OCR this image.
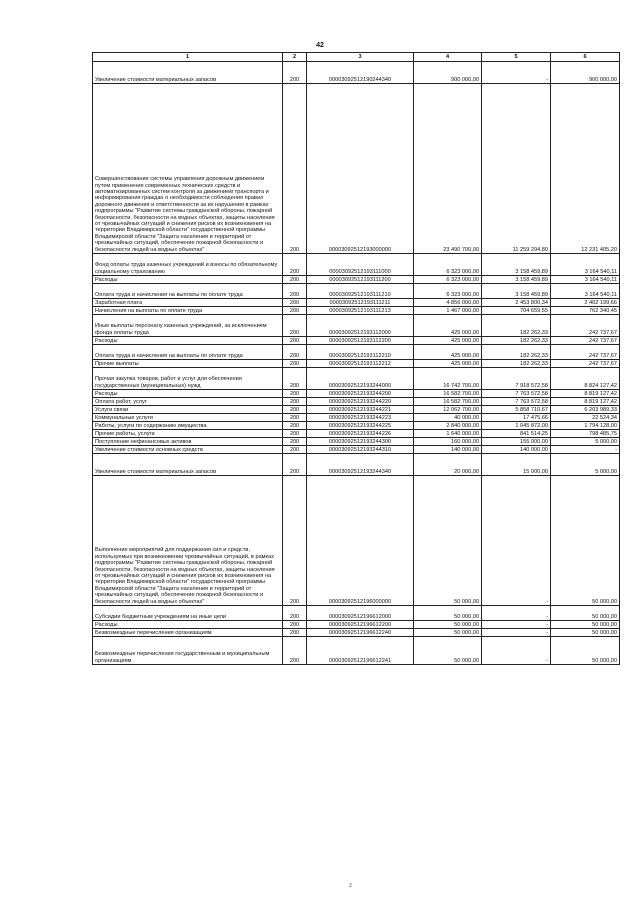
42
1	2	3	4	5	6
Увеличение стоимости материальных запасов	200	00003092512190244340	900 000,00	-	900 000,00
Совершенствование системы управления дорожным движением путем применения современных технических средств и автоматизированных систем контроля за движением транспорта и информирования граждан о необходимости соблюдения правил дорожного движения и ответственности за их нарушения в рамках подпрограммы "Развитие системы гражданской обороны, пожарной безопасности, безопасности на водных объектах, защиты населения от чрезвычайных ситуаций и снижения рисков их возникновения на территории Владимирской области" государственной программы Владимирской области "Защита населения и территорий от чрезвычайных ситуаций, обеспечение пожарной безопасности и безопасности людей на водных объектах"	200	00003092512193000000	23 490 700,00	11 259 294,80	12 231 405,20
Фонд оплаты труда казенных учреждений и взносы по обязательному социальному страхованию	200	00003092512193111000	6 323 000,00	3 158 459,89	3 164 540,11
Расходы	200	00003092512193111200	6 323 000,00	3 158 459,89	3 164 540,11
Оплата труда и начисления на выплаты по оплате труда	200	00003092512193111210	6 323 000,00	3 158 459,89	3 164 540,11
Заработная плата	200	00003092512193111211	4 856 000,00	2 453 800,34	2 402 199,66
Начисления на выплаты по оплате труда	200	00003092512193111213	1 467 000,00	704 659,55	762 340,45
Иные выплаты персоналу казенных учреждений, за исключением фонда оплаты труда	200	00003092512193112000	425 000,00	182 262,33	242 737,67
Расходы	200	00003092512193112200	425 000,00	182 262,33	242 737,67
Оплата труда и начисления на выплаты по оплате труда	200	00003092512193112210	425 000,00	182 262,33	242 737,67
Прочие выплаты	200	00003092512193112212	425 000,00	182 262,33	242 737,67
Прочая закупка товаров, работ и услуг для обеспечения государственных (муниципальных) нужд	200	00003092512193244000	16 742 700,00	7 918 572,58	8 824 127,42
Расходы	200	00003092512193244200	16 582 700,00	7 763 572,58	8 819 127,42
Оплата работ, услуг	200	00003092512193244220	16 582 700,00	7 763 572,58	8 819 127,42
Услуги связи	200	00003092512193244221	12 062 700,00	5 858 710,67	6 203 989,33
Коммунальные услуги	200	00003092512193244223	40 000,00	17 475,66	22 524,34
Работы, услуги по содержанию имущества	200	00003092512193244225	2 840 000,00	1 045 872,00	1 794 128,00
Прочие работы, услуги	200	00003092512193244226	1 640 000,00	841 514,25	798 485,75
Поступление нефинансовых активов	200	00003092512193244300	160 000,00	155 000,00	5 000,00
Увеличение стоимости основных средств	200	00003092512193244310	140 000,00	140 000,00	-
Увеличение стоимости материальных запасов	200	00003092512193244340	20 000,00	15 000,00	5 000,00
Выполнение мероприятий для поддержания сил и средств, используемых при возникновении чрезвычайных ситуаций, в рамках подпрограммы "Развитие системы гражданской обороны, пожарной безопасности, безопасности на водных объектах, защиты населения от чрезвычайных ситуаций и снижения рисков их возникновения на территории Владимирской области" государственной программы Владимирской области "Защита населения и территорий от чрезвычайных ситуаций, обеспечение пожарной безопасности и безопасности людей на водных объектах"	200	00003092512196000000	50 000,00	-	50 000,00
Субсидии бюджетным учреждениям на иные цели	200	00003092512196612000	50 000,00	-	50 000,00
Расходы	200	00003092512196612200	50 000,00	-	50 000,00
Безвозмездные перечисления организациям	200	00003092512196612240	50 000,00	-	50 000,00
Безвозмездные перечисления государственным и муниципальным организациям	200	00003092512196612241	50 000,00	-	50 000,00
z
